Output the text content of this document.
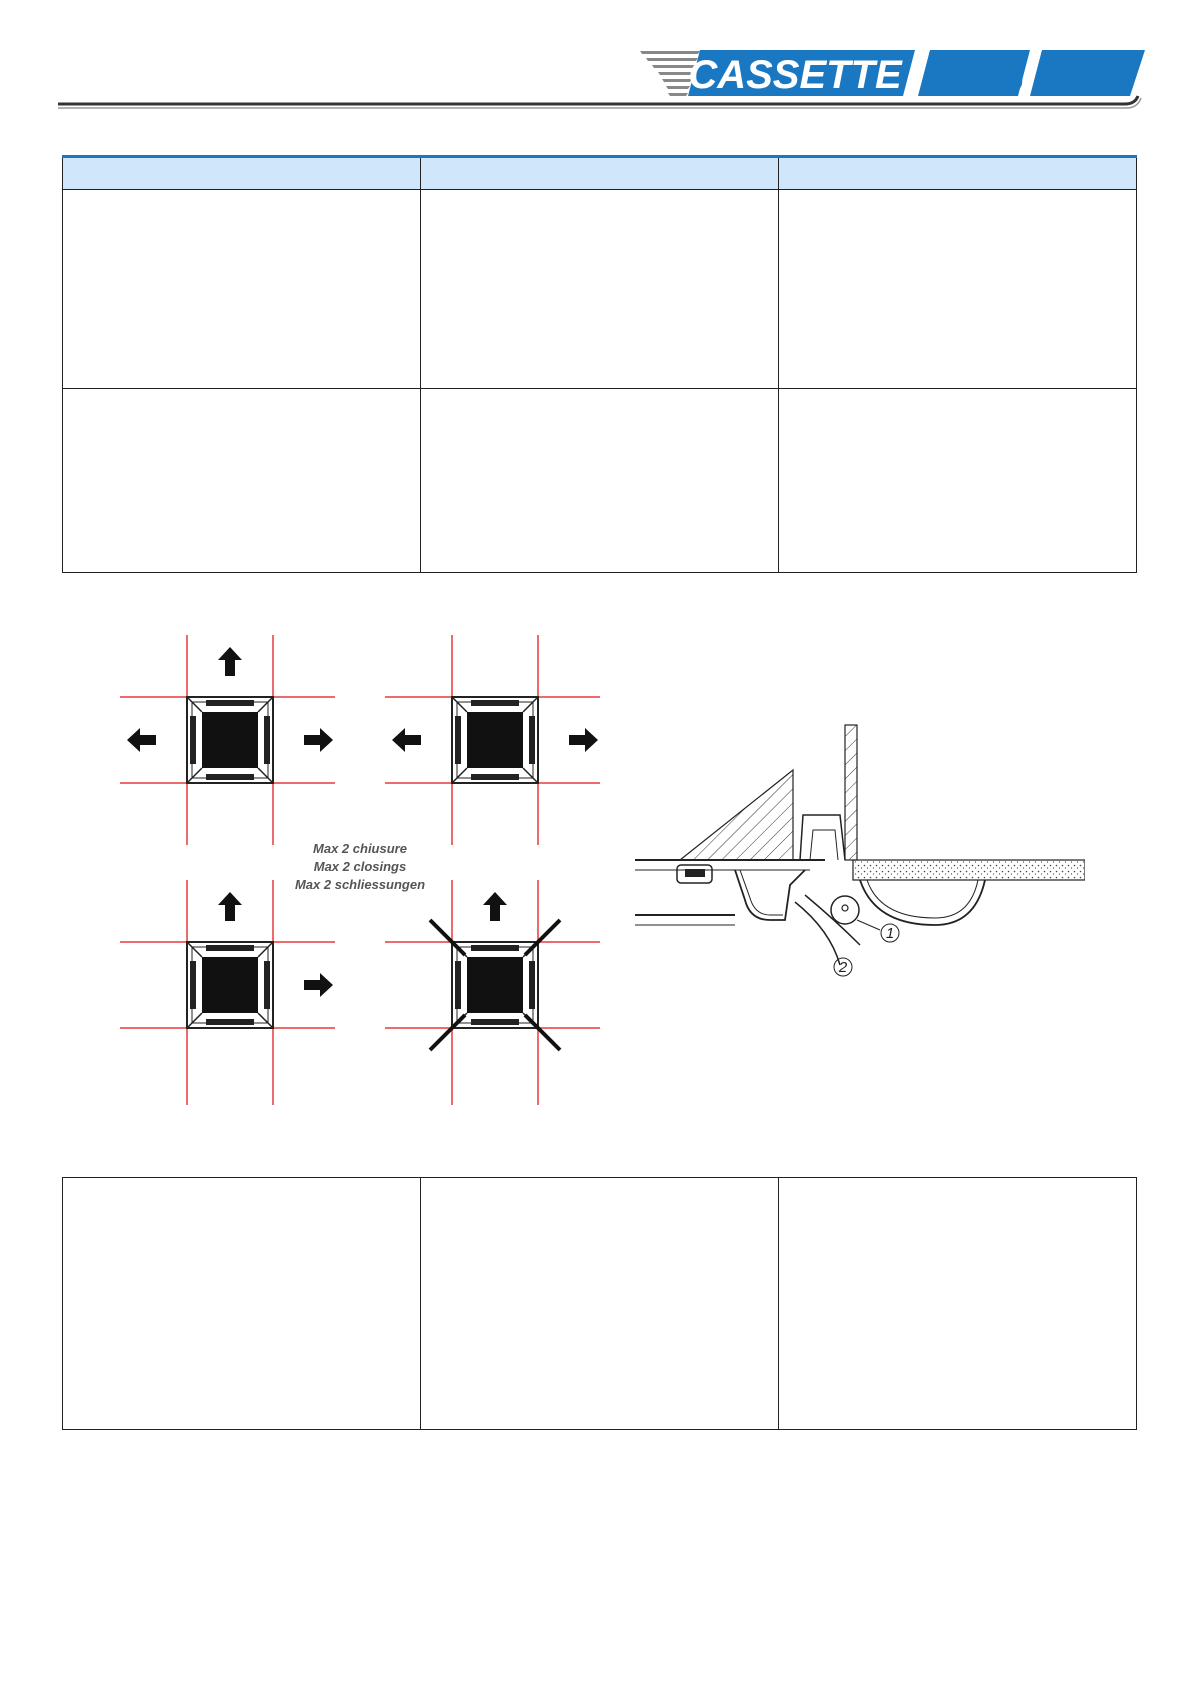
CASSETTE FCS

Max 2 chiusure
Max 2 closings
Max 2 schliessungen
1
2
